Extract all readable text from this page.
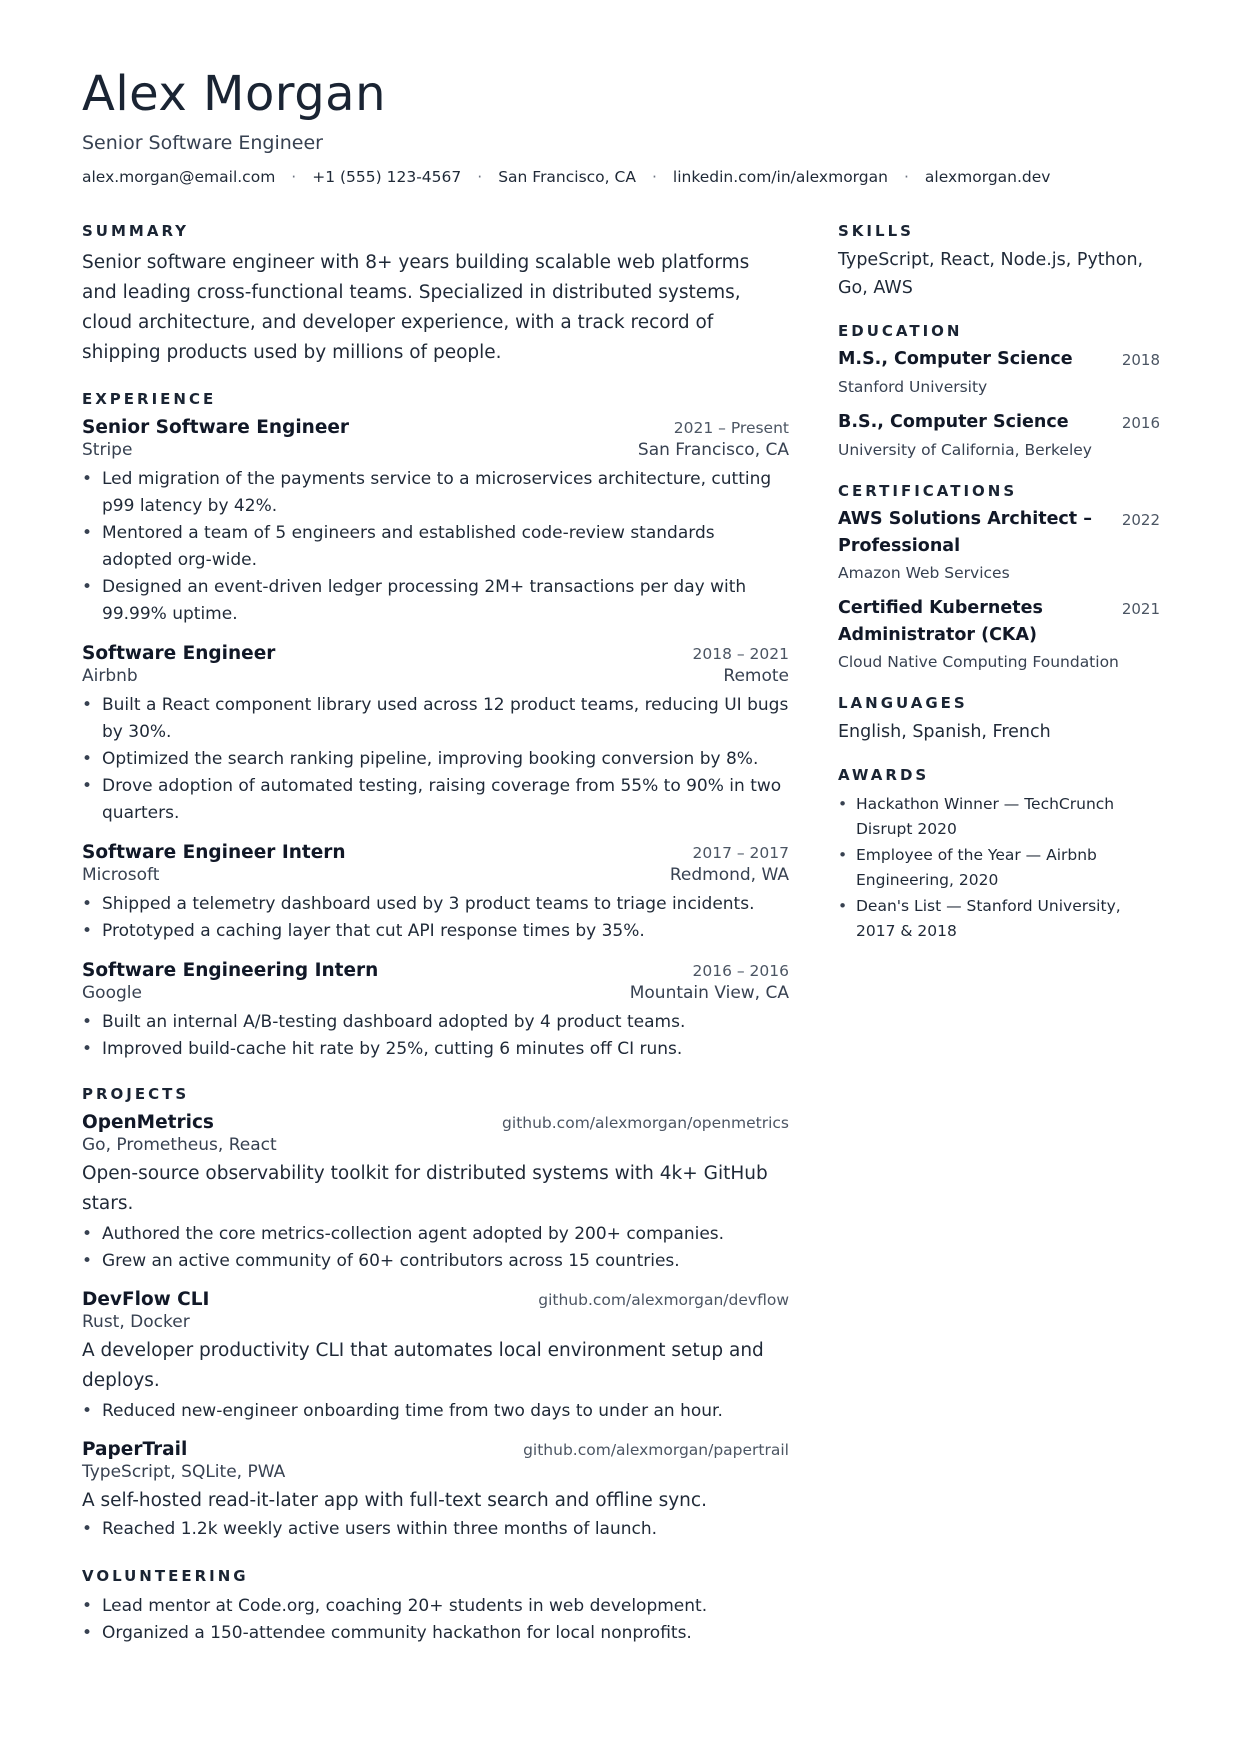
Alex Morgan
Senior Software Engineer
alex.morgan@email.com	·	+1 (555) 123-4567	·	San Francisco, CA	·	linkedin.com/in/alexmorgan	·	alexmorgan.dev
SUMMARY

Senior software engineer with 8+ years building scalable web platforms and leading cross-functional teams. Specialized in distributed systems, cloud architecture, and developer experience, with a track record of shipping products used by millions of people.

EXPERIENCE
Senior Software Engineer	2021 – Present
Stripe	San Francisco, CA
• Led migration of the payments service to a microservices architecture, cutting p99 latency by 42%.
• Mentored a team of 5 engineers and established code-review standards adopted org-wide.
• Designed an event-driven ledger processing 2M+ transactions per day with 99.99% uptime.
Software Engineer	2018 – 2021
Airbnb	Remote
• Built a React component library used across 12 product teams, reducing UI bugs by 30%.
• Optimized the search ranking pipeline, improving booking conversion by 8%.
• Drove adoption of automated testing, raising coverage from 55% to 90% in two quarters.
Software Engineer Intern	2017 – 2017
Microsoft	Redmond, WA
• Shipped a telemetry dashboard used by 3 product teams to triage incidents.
• Prototyped a caching layer that cut API response times by 35%.
Software Engineering Intern	2016 – 2016
Google	Mountain View, CA
• Built an internal A/B-testing dashboard adopted by 4 product teams.
• Improved build-cache hit rate by 25%, cutting 6 minutes off CI runs.
PROJECTS
OpenMetrics	github.com/alexmorgan/openmetrics
Go, Prometheus, React
Open-source observability toolkit for distributed systems with 4k+ GitHub stars.
• Authored the core metrics-collection agent adopted by 200+ companies.
• Grew an active community of 60+ contributors across 15 countries.
DevFlow CLI	github.com/alexmorgan/devflow
Rust, Docker
A developer productivity CLI that automates local environment setup and deploys.
• Reduced new-engineer onboarding time from two days to under an hour.
PaperTrail	github.com/alexmorgan/papertrail
TypeScript, SQLite, PWA
A self-hosted read-it-later app with full-text search and offline sync.
• Reached 1.2k weekly active users within three months of launch.
VOLUNTEERING
• Lead mentor at Code.org, coaching 20+ students in web development.
• Organized a 150-attendee community hackathon for local nonprofits.
SKILLS
TypeScript, React, Node.js, Python, Go, AWS
EDUCATION
M.S., Computer Science	2018
Stanford University
B.S., Computer Science	2016
University of California, Berkeley
CERTIFICATIONS
AWS Solutions Architect – Professional
2022
Amazon Web Services
Certified Kubernetes Administrator (CKA)
2021
Cloud Native Computing Foundation
LANGUAGES
English, Spanish, French
AWARDS
• Hackathon Winner — TechCrunch Disrupt 2020
• Employee of the Year — Airbnb Engineering, 2020
• Dean's List — Stanford University, 2017 & 2018
